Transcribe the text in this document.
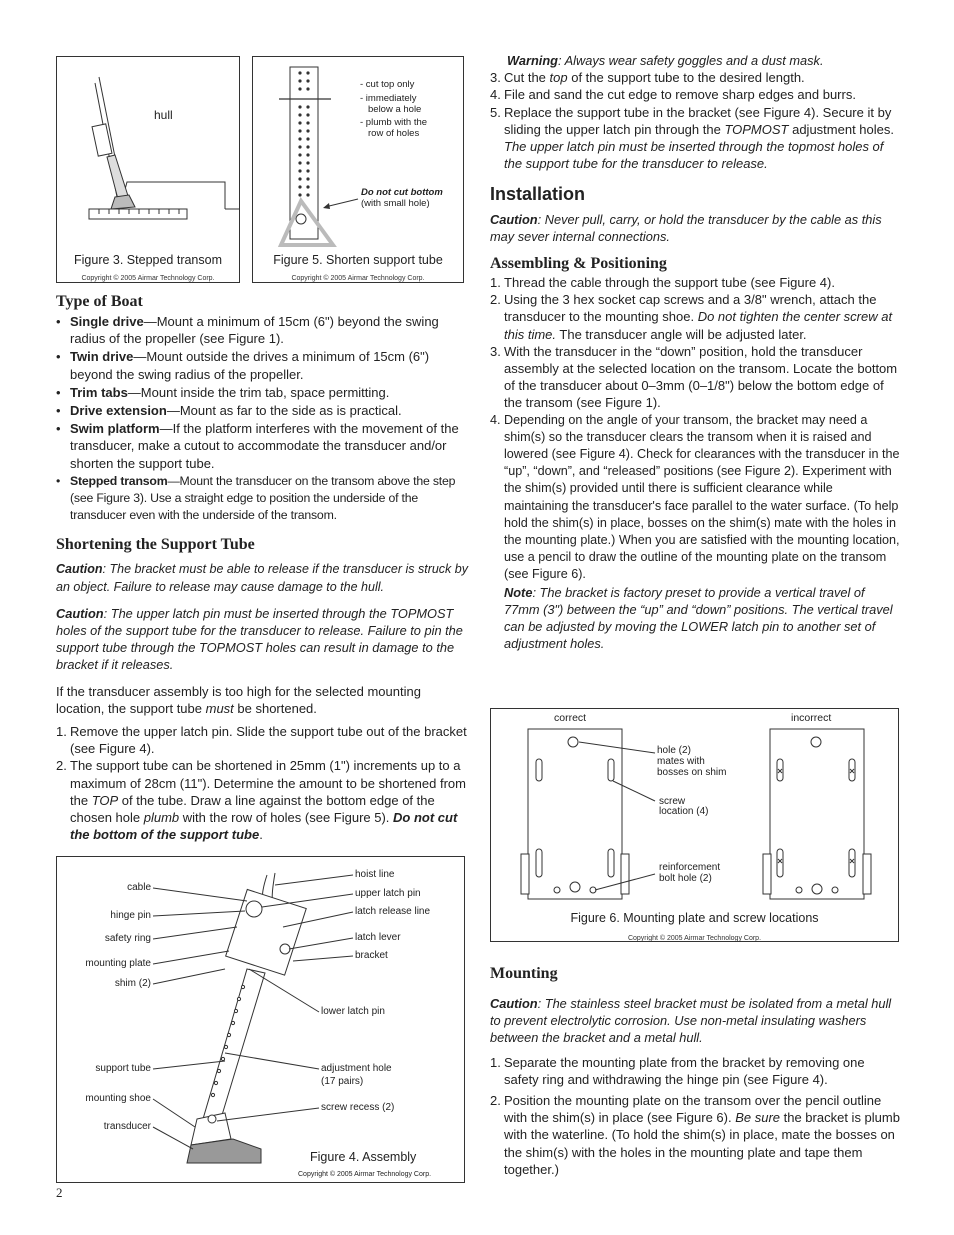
hull
Figure 3. Stepped transom
Copyright © 2005 Airmar Technology Corp.
- cut top only
- immediately
below a hole
- plumb with the
row of holes
Do not cut bottom
(with small hole)
Figure 5. Shorten support tube
Copyright © 2005 Airmar Technology Corp.
Type of Boat
• Single drive—Mount a minimum of 15cm (6") beyond the swing radius of the propeller (see Figure 1).
• Twin drive—Mount outside the drives a minimum of 15cm (6") beyond the swing radius of the propeller.
• Trim tabs—Mount inside the trim tab, space permitting.
• Drive extension—Mount as far to the side as is practical.
• Swim platform—If the platform interferes with the movement of the transducer, make a cutout to accommodate the transducer and/or shorten the support tube.
• Stepped transom—Mount the transducer on the transom above the step (see Figure 3). Use a straight edge to position the underside of the transducer even with the underside of the transom.
Shortening the Support Tube

Caution: The bracket must be able to release if the transducer is struck by an object. Failure to release may cause damage to the hull.

Caution: The upper latch pin must be inserted through the TOPMOST holes of the support tube for the transducer to release. Failure to pin the support tube through the TOPMOST holes can result in damage to the bracket if it releases.

If the transducer assembly is too high for the selected mounting location, the support tube must be shortened.

1. Remove the upper latch pin. Slide the support tube out of the bracket (see Figure 4).
2. The support tube can be shortened in 25mm (1") increments up to a maximum of 28cm (11"). Determine the amount to be shortened from the TOP of the tube. Draw a line against the bottom edge of the chosen hole plumb with the row of holes (see Figure 5). Do not cut the bottom of the support tube.
cable
hinge pin
safety ring
mounting plate
shim (2)
support tube
mounting shoe
transducer
hoist line
upper latch pin
latch release line
latch lever
bracket
lower latch pin
adjustment hole
(17 pairs)
screw recess (2)
Figure 4. Assembly
Copyright © 2005 Airmar Technology Corp.
2

Warning: Always wear safety goggles and a dust mask.

3. Cut the top of the support tube to the desired length.
4. File and sand the cut edge to remove sharp edges and burrs.
5. Replace the support tube in the bracket (see Figure 4). Secure it by sliding the upper latch pin through the TOPMOST adjustment holes. The upper latch pin must be inserted through the topmost holes of the support tube for the transducer to release.
Installation

Caution: Never pull, carry, or hold the transducer by the cable as this may sever internal connections.

Assembling & Positioning
1. Thread the cable through the support tube (see Figure 4).
2. Using the 3 hex socket cap screws and a 3/8" wrench, attach the transducer to the mounting shoe. Do not tighten the center screw at this time. The transducer angle will be adjusted later.
3. With the transducer in the “down” position, hold the transducer assembly at the selected location on the transom. Locate the bottom of the transducer about 0–3mm (0–1/8") below the bottom edge of the transom (see Figure 1).
4. Depending on the angle of your transom, the bracket may need a shim(s) so the transducer clears the transom when it is raised and lowered (see Figure 4). Check for clearances with the transducer in the “up”, “down”, and “released” positions (see Figure 2). Experiment with the shim(s) provided until there is sufficient clearance while maintaining the transducer's face parallel to the water surface. (To help hold the shim(s) in place, bosses on the shim(s) mate with the holes in the mounting plate.) When you are satisfied with the mounting location, use a pencil to draw the outline of the mounting plate on the transom (see Figure 6).

Note: The bracket is factory preset to provide a vertical travel of 77mm (3") between the “up” and “down” positions. The vertical travel can be adjusted by moving the LOWER latch pin to another set of adjustment holes.

correct	incorrect
hole (2)
mates with
bosses on shim
screw
location (4)
reinforcement
bolt hole (2)
Figure 6. Mounting plate and screw locations
Copyright © 2005 Airmar Technology Corp.
Mounting

Caution: The stainless steel bracket must be isolated from a metal hull to prevent electrolytic corrosion. Use non-metal insulating washers between the bracket and a metal hull.

1. Separate the mounting plate from the bracket by removing one safety ring and withdrawing the hinge pin (see Figure 4).
2. Position the mounting plate on the transom over the pencil outline with the shim(s) in place (see Figure 6). Be sure the bracket is plumb with the waterline. (To hold the shim(s) in place, mate the bosses on the shim(s) with the holes in the mounting plate and tape them together.)
